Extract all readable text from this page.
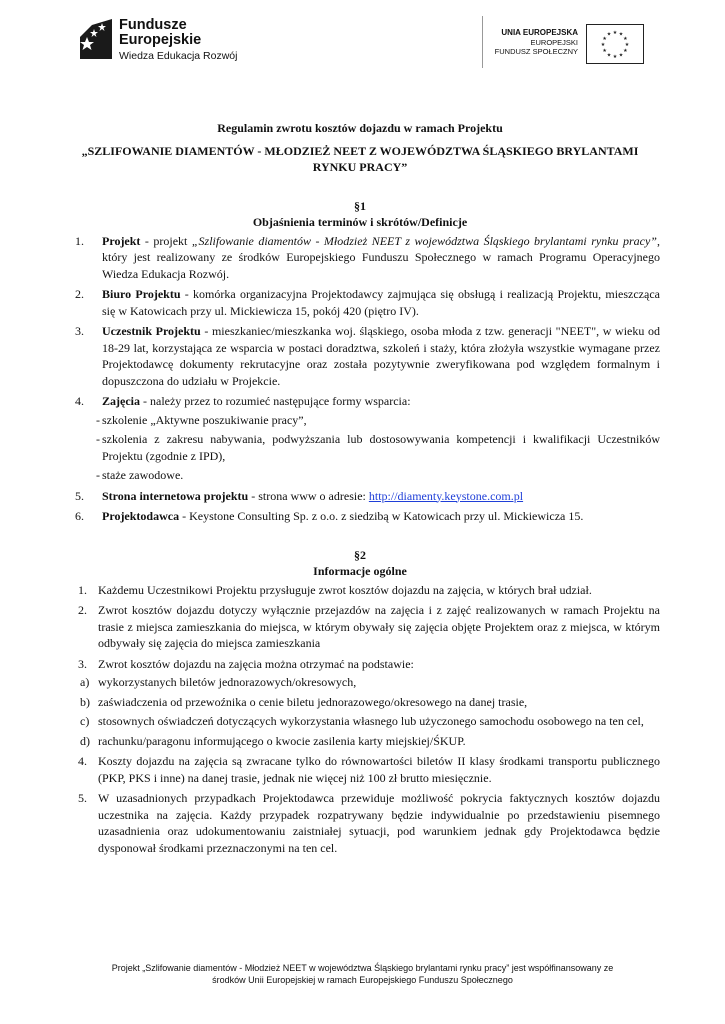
Fundusze
Europejskie
Wiedza Edukacja Rozwój
UNIA EUROPEJSKA
EUROPEJSKI
FUNDUSZ SPOŁECZNY
★ ★
★
★
★
★
★
★
★
★
★
★
Regulamin zwrotu kosztów dojazdu w ramach Projektu
„SZLIFOWANIE DIAMENTÓW - MŁODZIEŻ NEET Z WOJEWÓDZTWA ŚLĄSKIEGO BRYLANTAMI RYNKU PRACY”
§1
Objaśnienia terminów i skrótów/Definicje
1. Projekt - projekt „Szlifowanie diamentów - Młodzież NEET z województwa Śląskiego brylantami rynku pracy”, który jest realizowany ze środków Europejskiego Funduszu Społecznego w ramach Programu Operacyjnego Wiedza Edukacja Rozwój.
2. Biuro Projektu - komórka organizacyjna Projektodawcy zajmująca się obsługą i realizacją Projektu, mieszcząca się w Katowicach przy ul. Mickiewicza 15, pokój 420 (piętro IV).
3. Uczestnik Projektu - mieszkaniec/mieszkanka woj. śląskiego, osoba młoda z tzw. generacji "NEET", w wieku od 18-29 lat, korzystająca ze wsparcia w postaci doradztwa, szkoleń i staży, która złożyła wszystkie wymagane przez Projektodawcę dokumenty rekrutacyjne oraz została pozytywnie zweryfikowana pod względem formalnym i dopuszczona do udziału w Projekcie.
4. Zajęcia - należy przez to rozumieć następujące formy wsparcia:
- szkolenie „Aktywne poszukiwanie pracy”,
- szkolenia z zakresu nabywania, podwyższania lub dostosowywania kompetencji i kwalifikacji Uczestników Projektu (zgodnie z IPD),
- staże zawodowe.
5. Strona internetowa projektu - strona www o adresie: http://diamenty.keystone.com.pl
6. Projektodawca - Keystone Consulting Sp. z o.o. z siedzibą w Katowicach przy ul. Mickiewicza 15.
§2
Informacje ogólne
1. Każdemu Uczestnikowi Projektu przysługuje zwrot kosztów dojazdu na zajęcia, w których brał udział.
2. Zwrot kosztów dojazdu dotyczy wyłącznie przejazdów na zajęcia i z zajęć realizowanych w ramach Projektu na trasie z miejsca zamieszkania do miejsca, w którym obywały się zajęcia objęte Projektem oraz z miejsca, w którym odbywały się zajęcia do miejsca zamieszkania
3. Zwrot kosztów dojazdu na zajęcia można otrzymać na podstawie:
a) wykorzystanych biletów jednorazowych/okresowych,
b) zaświadczenia od przewoźnika o cenie biletu jednorazowego/okresowego na danej trasie,
c) stosownych oświadczeń dotyczących wykorzystania własnego lub użyczonego samochodu osobowego na ten cel,
d) rachunku/paragonu informującego o kwocie zasilenia karty miejskiej/ŚKUP.
4. Koszty dojazdu na zajęcia są zwracane tylko do równowartości biletów II klasy środkami transportu publicznego (PKP, PKS i inne) na danej trasie, jednak nie więcej niż 100 zł brutto miesięcznie.
5. W uzasadnionych przypadkach Projektodawca przewiduje możliwość pokrycia faktycznych kosztów dojazdu uczestnika na zajęcia. Każdy przypadek rozpatrywany będzie indywidualnie po przedstawieniu pisemnego uzasadnienia oraz udokumentowaniu zaistniałej sytuacji, pod warunkiem jednak gdy Projektodawca będzie dysponował środkami przeznaczonymi na ten cel.
Projekt „Szlifowanie diamentów - Młodzież NEET w województwa Śląskiego brylantami rynku pracy” jest współfinansowany ze
środków Unii Europejskiej w ramach Europejskiego Funduszu Społecznego
